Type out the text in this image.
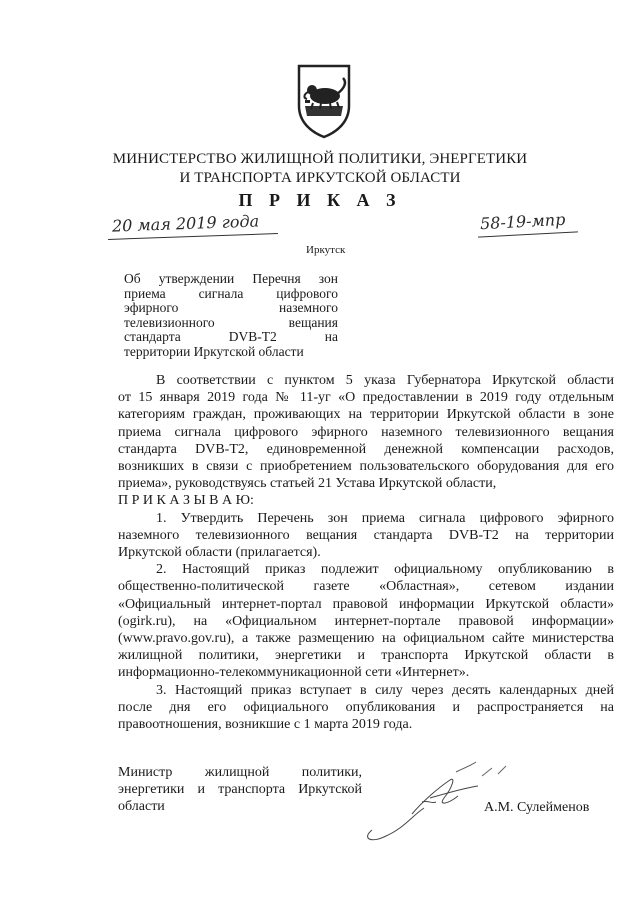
МИНИСТЕРСТВО ЖИЛИЩНОЙ ПОЛИТИКИ, ЭНЕРГЕТИКИ
И ТРАНСПОРТА ИРКУТСКОЙ ОБЛАСТИ
П Р И К А З
20 мая 2019 года	58-19-мпр
Иркутск
Об утверждении Перечня зон
приема сигнала цифрового
эфирного наземного
телевизионного вещания
стандарта DVB-T2 на
территории Иркутской области
В соответствии с пунктом 5 указа Губернатора Иркутской области
от 15 января 2019 года № 11-уг «О предоставлении в 2019 году отдельным
категориям граждан, проживающих на территории Иркутской области в зоне
приема сигнала цифрового эфирного наземного телевизионного вещания
стандарта DVB-T2, единовременной денежной компенсации расходов,
возникших в связи с приобретением пользовательского оборудования для его
приема», руководствуясь статьей 21 Устава Иркутской области,
П Р И К А З Ы В А Ю:
1. Утвердить Перечень зон приема сигнала цифрового эфирного
наземного телевизионного вещания стандарта DVB-T2 на территории
Иркутской области (прилагается).
2. Настоящий приказ подлежит официальному опубликованию в
общественно-политической газете «Областная», сетевом издании
«Официальный интернет-портал правовой информации Иркутской области»
(ogirk.ru), на «Официальном интернет-портале правовой информации»
(www.pravo.gov.ru), а также размещению на официальном сайте министерства
жилищной политики, энергетики и транспорта Иркутской области в
информационно-телекоммуникационной сети «Интернет».
3. Настоящий приказ вступает в силу через десять календарных дней
после дня его официального опубликования и распространяется на
правоотношения, возникшие с 1 марта 2019 года.
Министр жилищной политики,
энергетики и транспорта Иркутской
области	А.М. Сулейменов
